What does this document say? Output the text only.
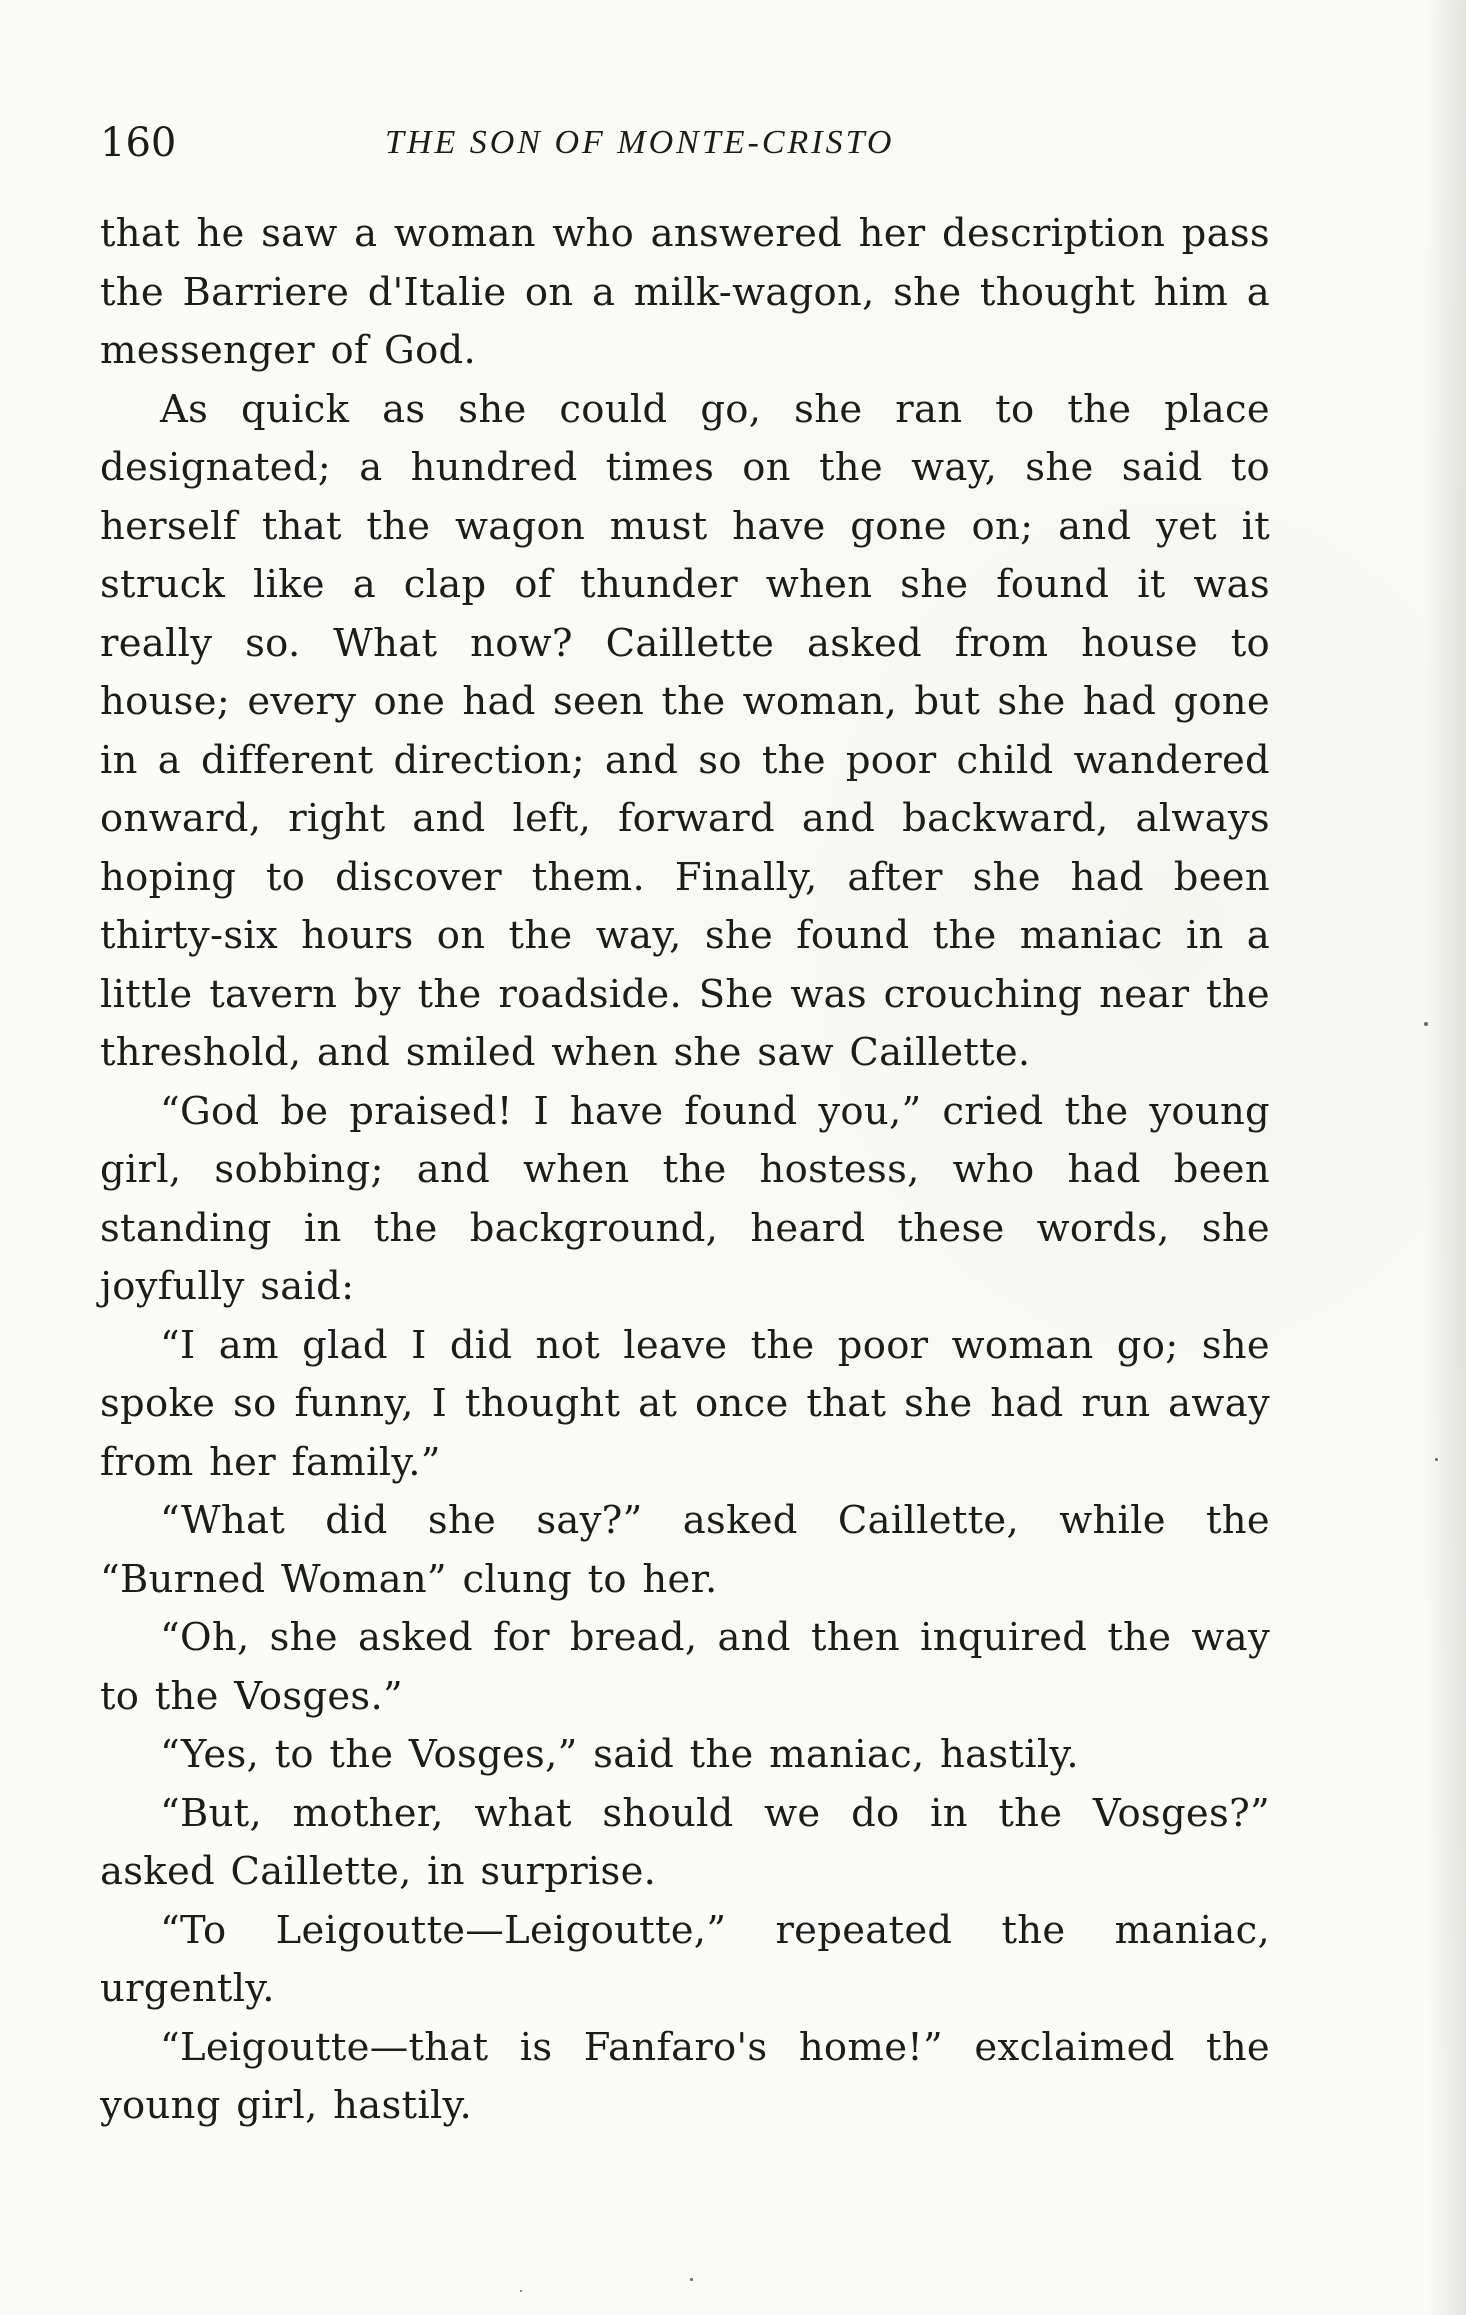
160	THE SON OF MONTE-CRISTO

that he saw a woman who answered her description pass the Barriere d'Italie on a milk-wagon, she thought him a messenger of God.

As quick as she could go, she ran to the place designated; a hundred times on the way, she said to herself that the wagon must have gone on; and yet it struck like a clap of thunder when she found it was really so. What now? Caillette asked from house to house; every one had seen the woman, but she had gone in a different direction; and so the poor child wandered onward, right and left, forward and backward, always hoping to discover them. Finally, after she had been thirty-six hours on the way, she found the maniac in a little tavern by the roadside. She was crouching near the threshold, and smiled when she saw Caillette.

“God be praised! I have found you,” cried the young girl, sobbing; and when the hostess, who had been standing in the background, heard these words, she joyfully said:

“I am glad I did not leave the poor woman go; she spoke so funny, I thought at once that she had run away from her family.”

“What did she say?” asked Caillette, while the “Burned Woman” clung to her.

“Oh, she asked for bread, and then inquired the way to the Vosges.”

“Yes, to the Vosges,” said the maniac, hastily.

“But, mother, what should we do in the Vosges?” asked Caillette, in surprise.

“To Leigoutte—Leigoutte,” repeated the maniac, urgently.

“Leigoutte—that is Fanfaro's home!” exclaimed the young girl, hastily.
